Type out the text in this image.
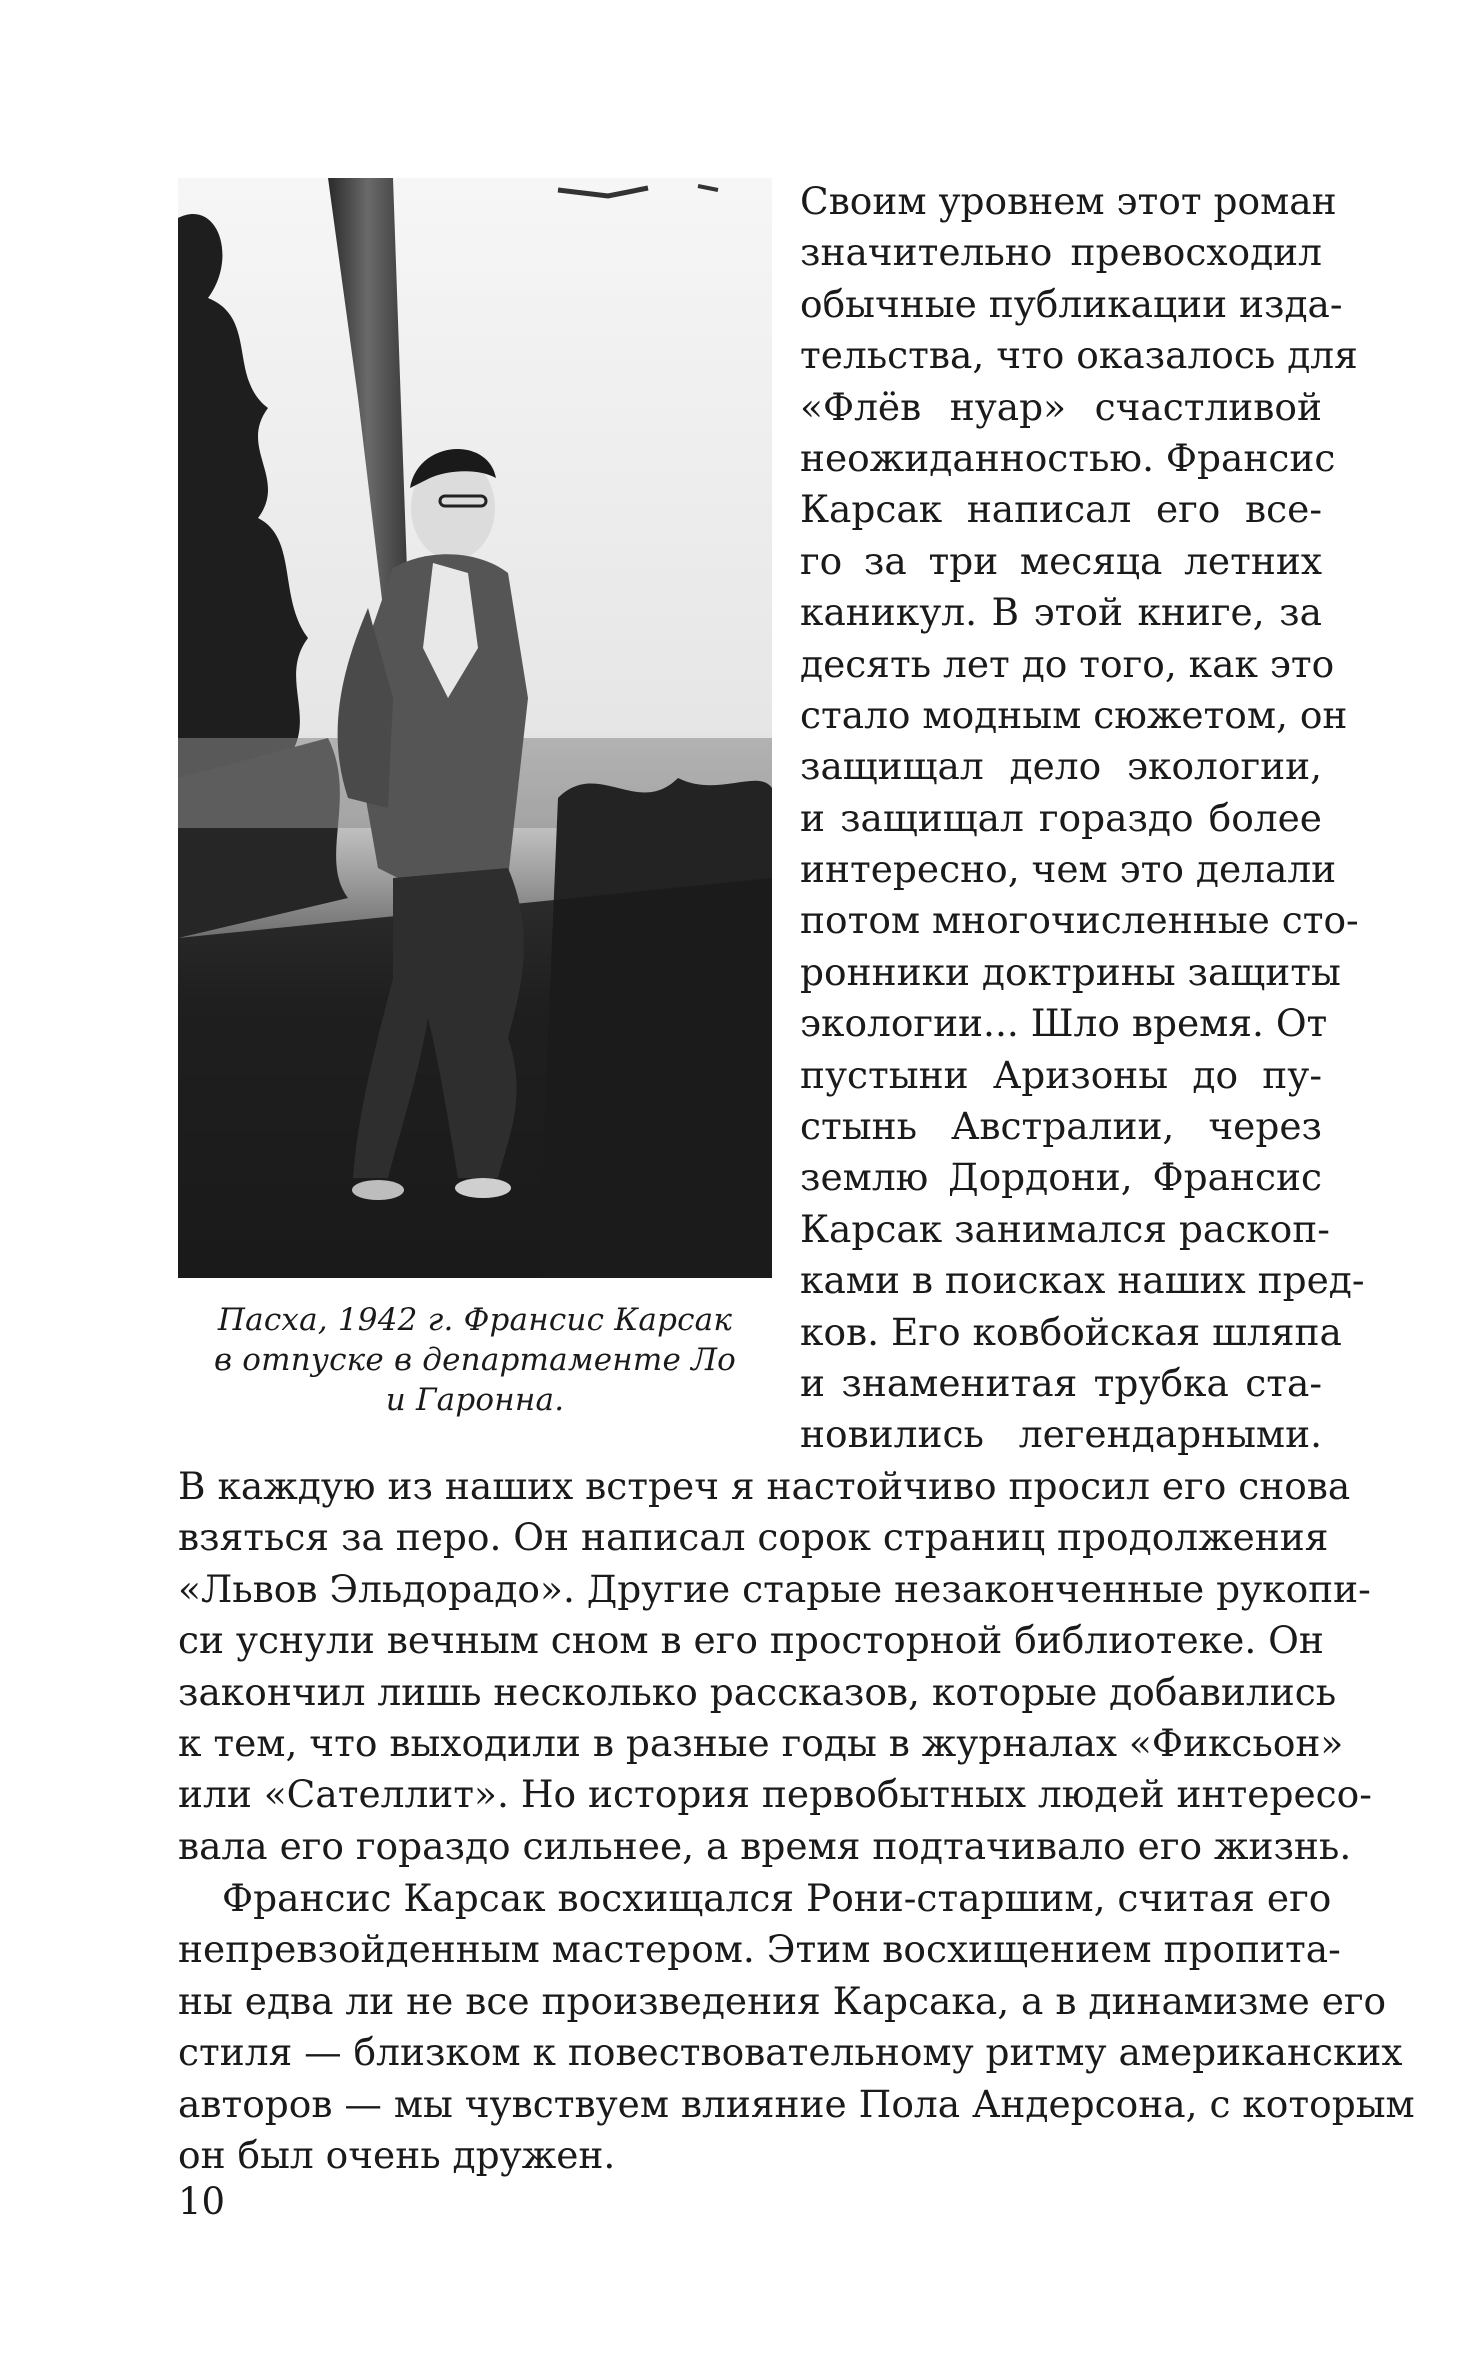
Пасха, 1942 г. Франсис Карсак
в отпуске в департаменте Ло
и Гаронна.
Своим уровнем этот роман
значительно превосходил
обычные публикации изда-
тельства, что оказалось для
«Флёв нуар» счастливой
неожиданностью. Франсис
Карсак написал его все-
го за три месяца летних
каникул. В этой книге, за
десять лет до того, как это
стало модным сюжетом, он
защищал дело экологии,
и защищал гораздо более
интересно, чем это делали
потом многочисленные сто-
ронники доктрины защиты
экологии... Шло время. От
пустыни Аризоны до пу-
стынь Австралии, через
землю Дордони, Франсис
Карсак занимался раскоп-
ками в поисках наших пред-
ков. Его ковбойская шляпа
и знаменитая трубка ста-
новились легендарными.
В каждую из наших встреч я настойчиво просил его снова
взяться за перо. Он написал сорок страниц продолжения
«Львов Эльдорадо». Другие старые незаконченные рукопи-
си уснули вечным сном в его просторной библиотеке. Он
закончил лишь несколько рассказов, которые добавились
к тем, что выходили в разные годы в журналах «Фиксьон»
или «Сателлит». Но история первобытных людей интересо-
вала его гораздо сильнее, а время подтачивало его жизнь.
Франсис Карсак восхищался Рони-старшим, считая его
непревзойденным мастером. Этим восхищением пропита-
ны едва ли не все произведения Карсака, а в динамизме его
стиля — близком к повествовательному ритму американских
авторов — мы чувствуем влияние Пола Андерсона, с которым
он был очень дружен.
10
